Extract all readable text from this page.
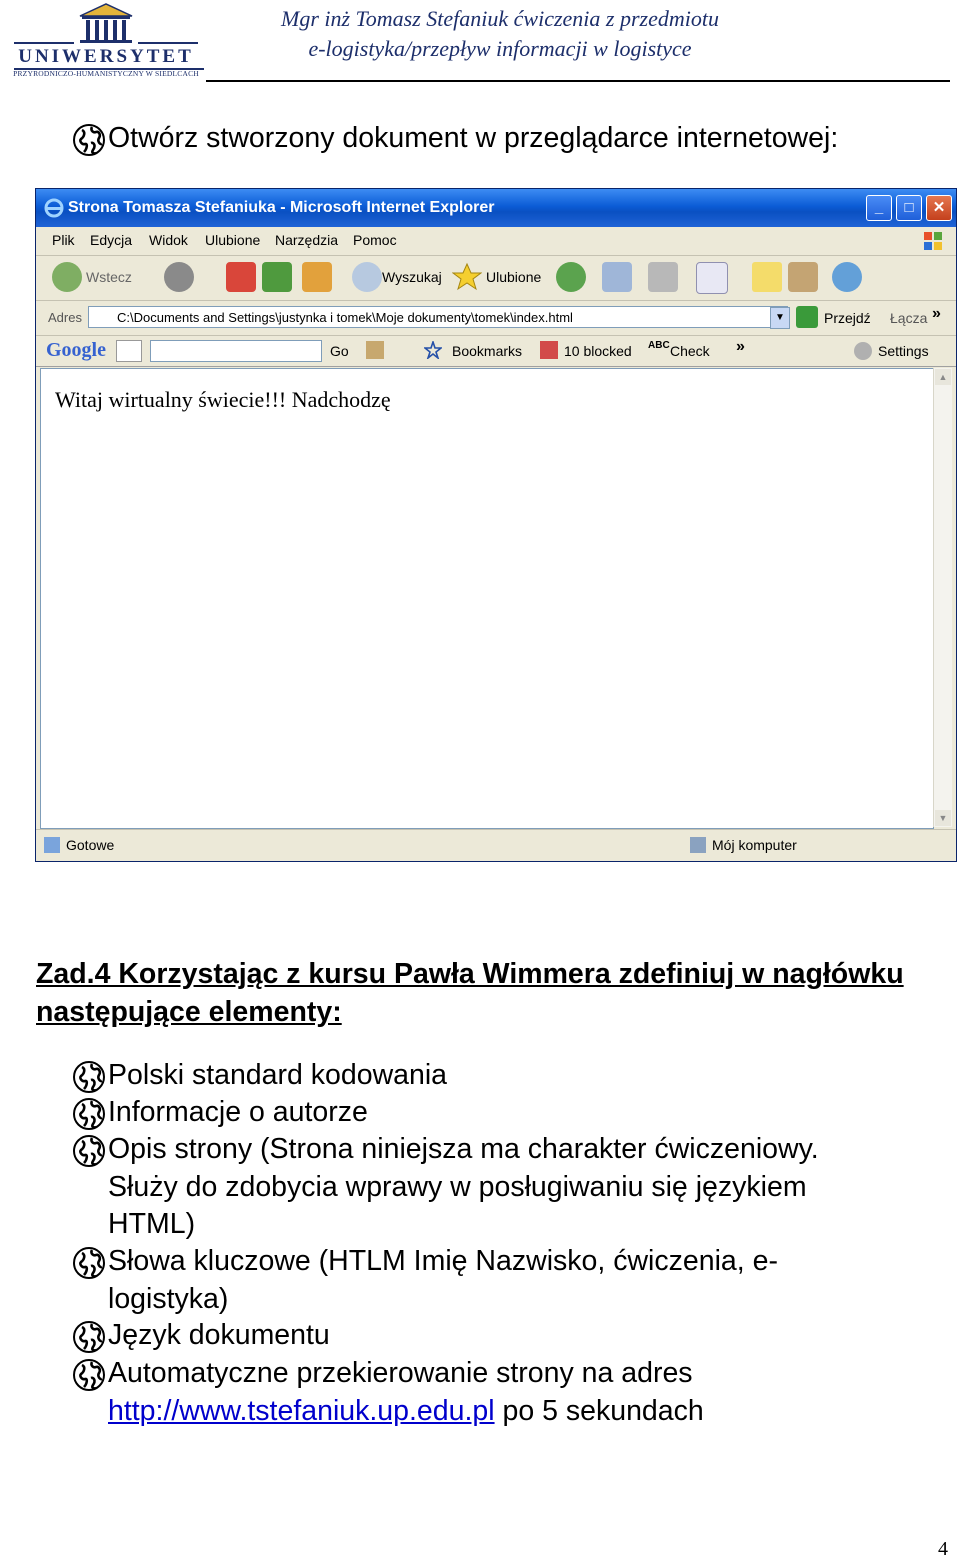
UNIWERSYTET
PRZYRODNICZO-HUMANISTYCZNY W SIEDLCACH
Mgr inż Tomasz Stefaniuk ćwiczenia z przedmiotu
e-logistyka/przepływ informacji w logistyce
Otwórz stworzony dokument w przeglądarce internetowej:
Strona Tomasza Stefaniuka - Microsoft Internet Explorer	_	□	✕
Plik Edycja Widok Ulubione Narzędzia Pomoc
Wstecz	Wyszukaj	Ulubione
Adres	C:\Documents and Settings\justynka i tomek\Moje dokumenty\tomek\index.html	▼	Przejdź Łącza »
Google	Go	Bookmarks	10 blocked ABC Check »	Settings
Witaj wirtualny świecie!!! Nadchodzę
▲
▼
Gotowe	Mój komputer
Zad.4 Korzystając z kursu Pawła Wimmera zdefiniuj w nagłówku następujące elementy:
Polski standard kodowania
Informacje o autorze
Opis strony (Strona niniejsza ma charakter ćwiczeniowy.
Służy do zdobycia wprawy w posługiwaniu się językiem
HTML)
Słowa kluczowe (HTLM Imię Nazwisko, ćwiczenia, e-
logistyka)
Język dokumentu
Automatyczne przekierowanie strony na adres
http://www.tstefaniuk.up.edu.pl po 5 sekundach
4
